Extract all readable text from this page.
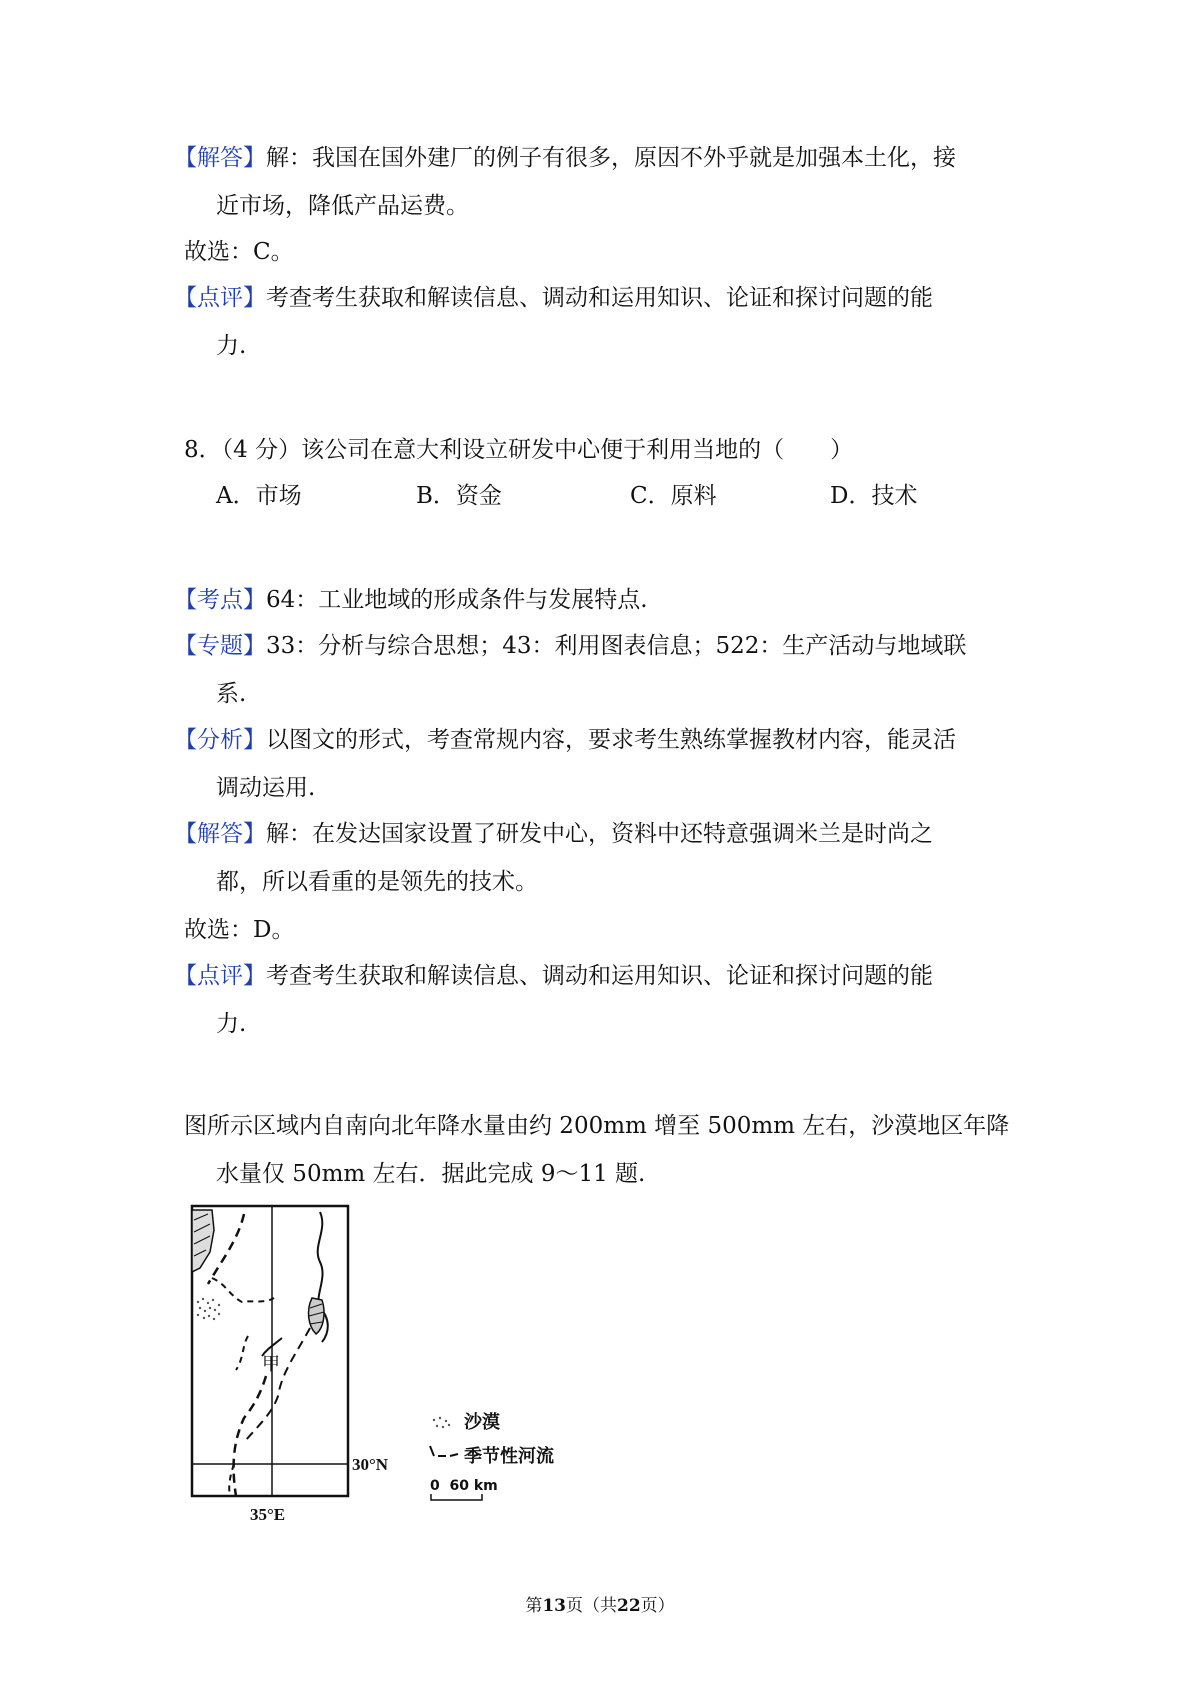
【解答】解：我国在国外建厂的例子有很多，原因不外乎就是加强本土化，接
近市场，降低产品运费。
故选：C。
【点评】考查考生获取和解读信息、调动和运用知识、论证和探讨问题的能
力.
8．（4 分）该公司在意大利设立研发中心便于利用当地的（　　）
A．市场	B．资金	C．原料	D．技术
【考点】64：工业地域的形成条件与发展特点.
【专题】33：分析与综合思想；43：利用图表信息；522：生产活动与地域联
系.
【分析】以图文的形式，考查常规内容，要求考生熟练掌握教材内容，能灵活
调动运用.
【解答】解：在发达国家设置了研发中心，资料中还特意强调米兰是时尚之
都，所以看重的是领先的技术。
故选：D。
【点评】考查考生获取和解读信息、调动和运用知识、论证和探讨问题的能
力.
图所示区域内自南向北年降水量由约 200mm 增至 500mm 左右，沙漠地区年降
水量仅 50mm 左右．据此完成 9～11 题.
甲
30°N
35°E
沙漠
季节性河流
0  60 km
第13页（共22页）
